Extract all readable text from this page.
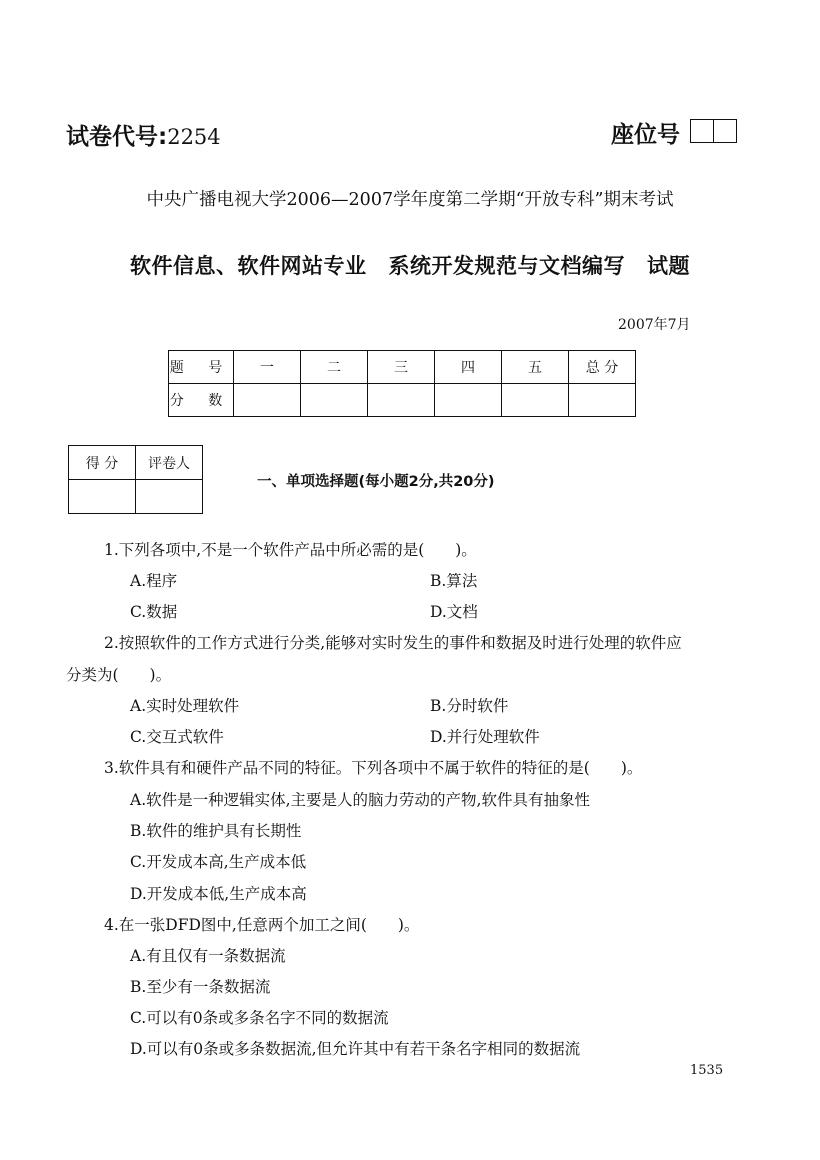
试卷代号:2254	座位号
中央广播电视大学2006—2007学年度第二学期“开放专科”期末考试
软件信息、软件网站专业 系统开发规范与文档编写 试题
2007年7月
题 号	一	二	三	四	五	总 分
分 数						
得 分	评卷人

一、单项选择题(每小题2分,共20分)
1.下列各项中,不是一个软件产品中所必需的是(　　)。
A.程序	B.算法
C.数据	D.文档
2.按照软件的工作方式进行分类,能够对实时发生的事件和数据及时进行处理的软件应
分类为(　　)。
A.实时处理软件	B.分时软件
C.交互式软件	D.并行处理软件
3.软件具有和硬件产品不同的特征。下列各项中不属于软件的特征的是(　　)。
A.软件是一种逻辑实体,主要是人的脑力劳动的产物,软件具有抽象性
B.软件的维护具有长期性
C.开发成本高,生产成本低
D.开发成本低,生产成本高
4.在一张DFD图中,任意两个加工之间(　　)。
A.有且仅有一条数据流
B.至少有一条数据流
C.可以有0条或多条名字不同的数据流
D.可以有0条或多条数据流,但允许其中有若干条名字相同的数据流
1535
